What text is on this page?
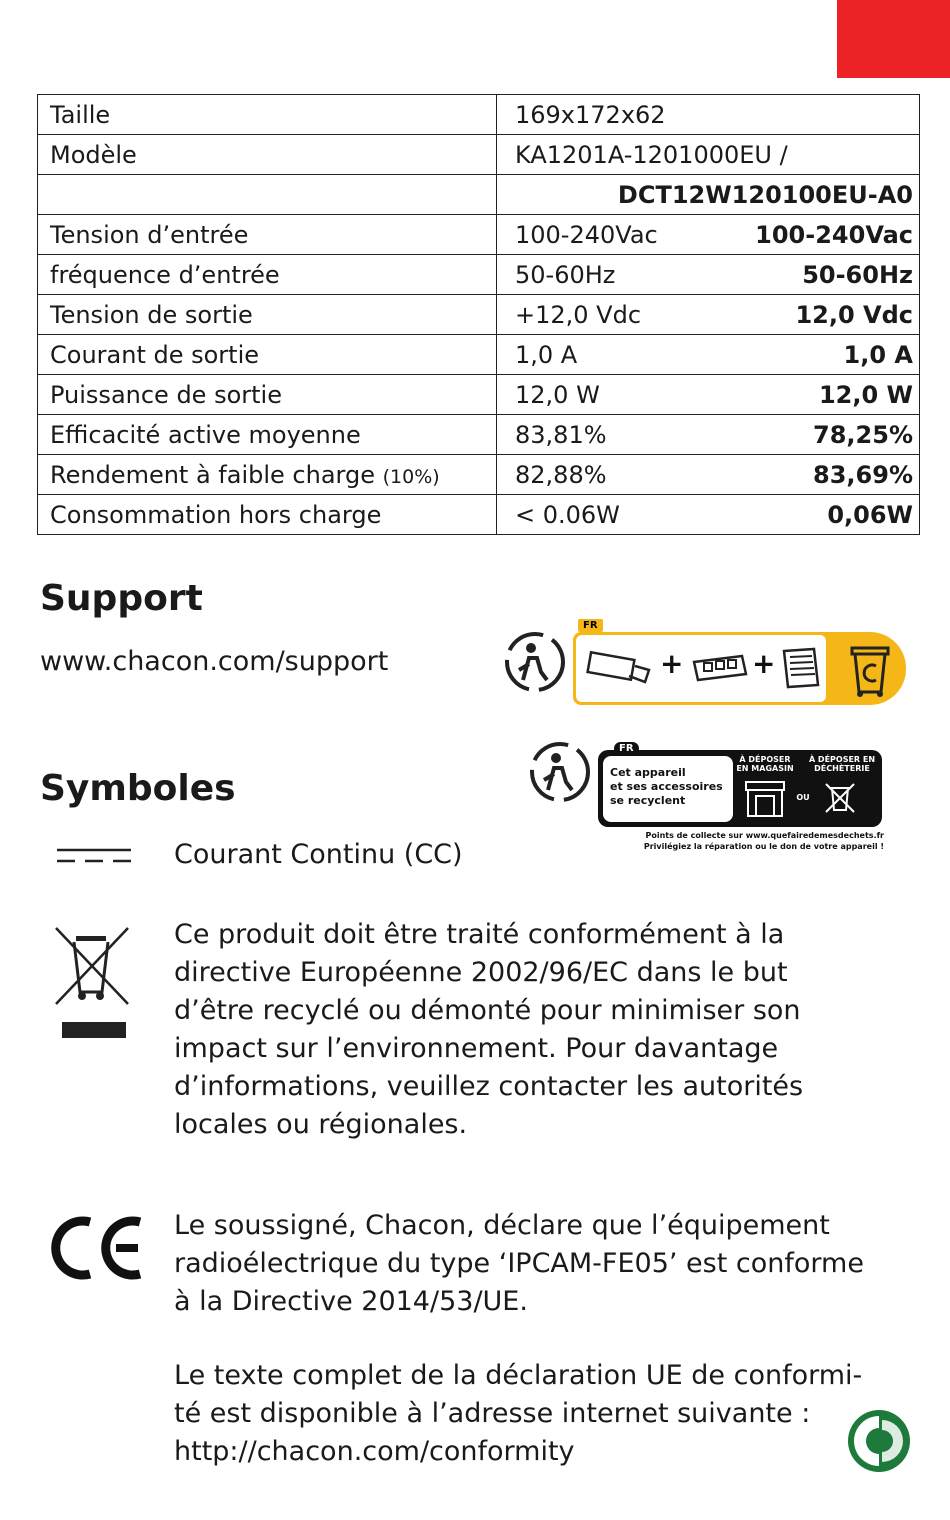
Taille	169x172x62

Modèle	KA1201A-1201000EU /

	DCT12W120100EU-A0
Tension d’entrée	100-240Vac 100-240Vac

fréquence d’entrée	50-60Hz 50-60Hz

Tension de sortie	+12,0 Vdc 12,0 Vdc

Courant de sortie	1,0 A 1,0 A

Puissance de sortie	12,0 W 12,0 W

Efficacité active moyenne	83,81% 78,25%

Rendement à faible charge (10%)	82,88% 83,69%

Consommation hors charge	< 0.06W 0,06W
Support

www.chacon.com/support

FR
+ +
FR
Cet appareil
et ses accessoires
se recyclent
À DÉPOSER EN MAGASIN
À DÉPOSER EN DÉCHÈTERIE
OU
Points de collecte sur www.quefairedemesdechets.fr
Privilégiez la réparation ou le don de votre appareil !
Symboles

Courant Continu (CC)

Ce produit doit être traité conformément à la

directive Européenne 2002/96/EC dans le but

d’être recyclé ou démonté pour minimiser son

impact sur l’environnement. Pour davantage

d’informations, veuillez contacter les autorités

locales ou régionales.

Le soussigné, Chacon, déclare que l’équipement

radioélectrique du type ‘IPCAM-FE05’ est conforme

à la Directive 2014/53/UE.

Le texte complet de la déclaration UE de conformi-

té est disponible à l’adresse internet suivante :

http://chacon.com/conformity
